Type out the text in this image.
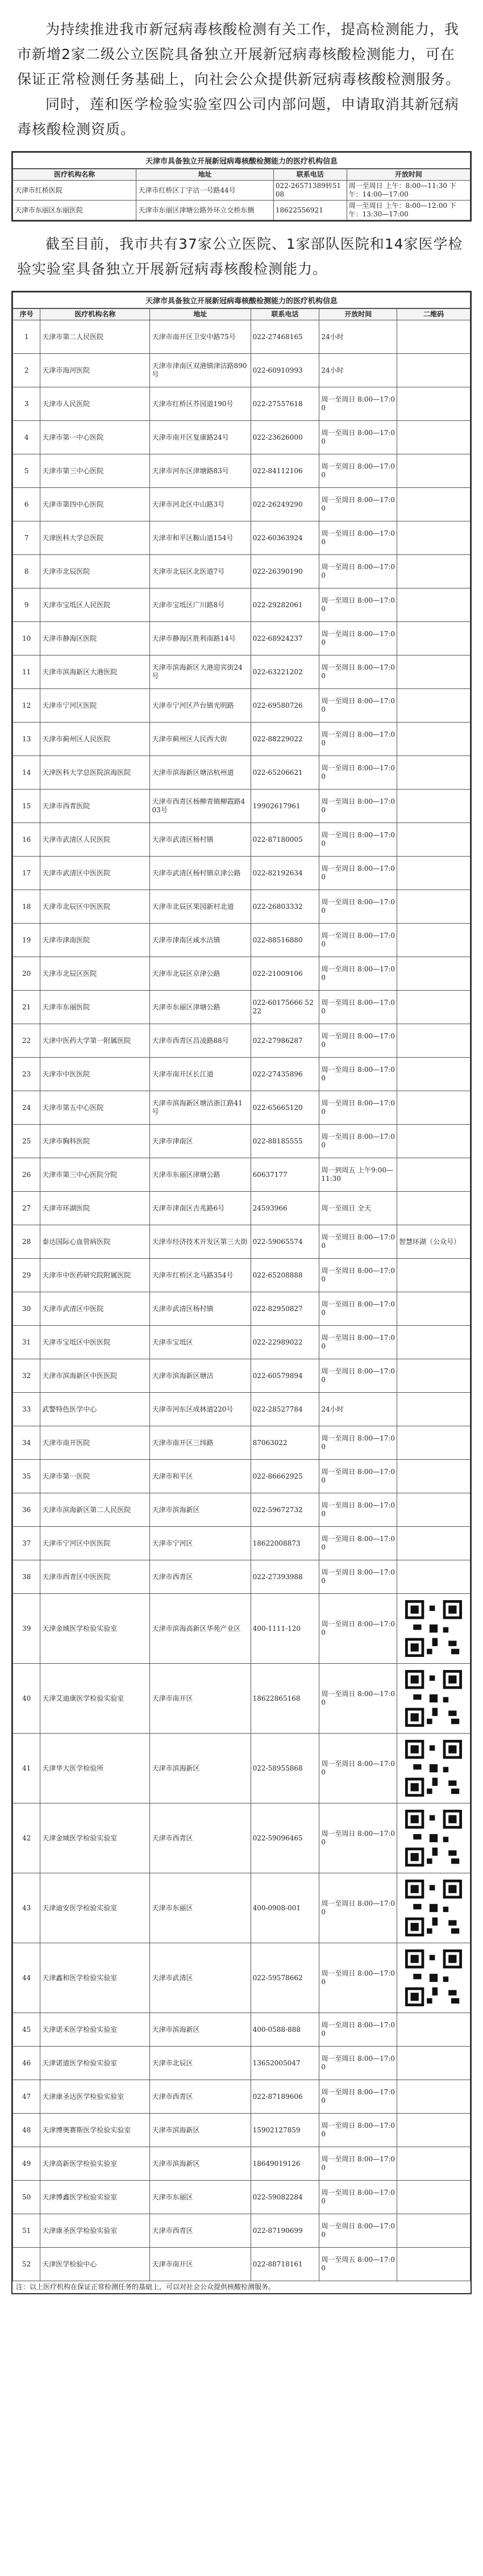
为持续推进我市新冠病毒核酸检测有关工作，提高检测能力，我市新增2家二级公立医院具备独立开展新冠病毒核酸检测能力，可在保证正常检测任务基础上，向社会公众提供新冠病毒核酸检测服务。

同时，莲和医学检验实验室四公司内部问题，申请取消其新冠病毒核酸检测资质。

天津市具备独立开展新冠病毒核酸检测能力的医疗机构信息
医疗机构名称	地址	联系电话	开放时间
天津市红桥医院	天津市红桥区丁字沽一号路44号	022-26571389转5108	周一至周日 上午：8:00—11:30 下午：14:00—17:00
天津市东丽区东丽医院	天津市东丽区津塘公路外环立交桥东侧	18622556921	周一至周日 上午：8:00—12:00 下午：13:30—17:00

截至目前，我市共有37家公立医院、1家部队医院和14家医学检验实验室具备独立开展新冠病毒核酸检测能力。

天津市具备独立开展新冠病毒核酸检测能力的医疗机构信息
序号	医疗机构名称	地址	联系电话	开放时间	二维码
1	天津市第二人民医院	天津市南开区卫安中路75号	022-27468165	24小时	
2	天津市海河医院	天津市津南区双港镇津沽路890号	022-60910993	24小时	
3	天津市人民医院	天津市红桥区芥园道190号	022-27557618	周一至周日 8:00—17:00	
4	天津市第一中心医院	天津市南开区复康路24号	022-23626000	周一至周日 8:00—17:00	
5	天津市第三中心医院	天津市河东区津塘路83号	022-84112106	周一至周日 8:00—17:00	
6	天津市第四中心医院	天津市河北区中山路3号	022-26249290	周一至周日 8:00—17:00	
7	天津医科大学总医院	天津市和平区鞍山道154号	022-60363924	周一至周日 8:00—17:00	
8	天津市北辰医院	天津市北辰区北医道7号	022-26390190	周一至周日 8:00—17:00	
9	天津市宝坻区人民医院	天津市宝坻区广川路8号	022-29282061	周一至周日 8:00—17:00	
10	天津市静海区医院	天津市静海区胜利南路14号	022-68924237	周一至周日 8:00—17:00	
11	天津市滨海新区大港医院	天津市滨海新区大港迎宾街24号	022-63221202	周一至周日 8:00—17:00	
12	天津市宁河区医院	天津市宁河区芦台镇光明路	022-69580726	周一至周日 8:00—17:00	
13	天津市蓟州区人民医院	天津市蓟州区人民西大街	022-88229022	周一至周日 8:00—17:00	
14	天津医科大学总医院滨海医院	天津市滨海新区塘沽杭州道	022-65206621	周一至周日 8:00—17:00	
15	天津市西青医院	天津市西青区杨柳青镇柳霞路403号	19902617961	周一至周日 8:00—17:00	
16	天津市武清区人民医院	天津市武清区杨村镇	022-87180005	周一至周日 8:00—17:00	
17	天津市武清区中医医院	天津市武清区杨村镇京津公路	022-82192634	周一至周日 8:00—17:00	
18	天津市北辰区中医医院	天津市北辰区果园新村北道	022-26803332	周一至周日 8:00—17:00	
19	天津市津南医院	天津市津南区咸水沽镇	022-88516880	周一至周日 8:00—17:00	
20	天津市北辰区医院	天津市北辰区京津公路	022-21009106	周一至周日 8:00—17:00	
21	天津市东丽医院	天津市东丽区津塘公路	022-60175666 5222	周一至周日 8:00—17:00	
22	天津中医药大学第一附属医院	天津市西青区昌凌路88号	022-27986287	周一至周日 8:00—17:00	
23	天津市中医医院	天津市南开区长江道	022-27435896	周一至周日 8:00—17:00	
24	天津市第五中心医院	天津市滨海新区塘沽浙江路41号	022-65665120	周一至周日 8:00—17:00	
25	天津市胸科医院	天津市津南区	022-88185555	周一至周日 8:00—17:00	
26	天津市第三中心医院分院	天津市东丽区津塘公路	60637177	周一到周五 上午9:00—11:30	
27	天津市环湖医院	天津市津南区吉兆路6号	24593966	周一至周日 全天	
28	泰达国际心血管病医院	天津市经济技术开发区第三大街	022-59065574	周一至周日 8:00—17:00	智慧环湖（公众号）
29	天津市中医药研究院附属医院	天津市红桥区北马路354号	022-65208888	周一至周日 8:00—17:00	
30	天津市武清区中医院	天津市武清区杨村镇	022-82950827	周一至周日 8:00—17:00	
31	天津市宝坻区中医医院	天津市宝坻区	022-22989022	周一至周日 8:00—17:00	
32	天津市滨海新区中医医院	天津市滨海新区塘沽	022-60579894	周一至周日 8:00—17:00	
33	武警特色医学中心	天津市河东区成林道220号	022-28527784	24小时	
34	天津市南开医院	天津市南开区三纬路	87063022	周一至周日 8:00—17:00	
35	天津市第一医院	天津市和平区	022-86662925	周一至周日 8:00—17:00	
36	天津市滨海新区第二人民医院	天津市滨海新区	022-59672732	周一至周日 8:00—17:00	
37	天津市宁河区中医医院	天津市宁河区	18622008873	周一至周日 8:00—17:00	
38	天津市西青区中医医院	天津市西青区	022-27393988	周一至周日 8:00—17:00	
39	天津金域医学检验实验室	天津市滨海高新区华苑产业区	400-1111-120	周一至周日 8:00—17:00	

40	天津艾迪康医学检验实验室	天津市南开区	18622865168	周一至周日 8:00—17:00	

41	天津华大医学检验所	天津市滨海新区	022-58955868	周一至周日 8:00—17:00	

42	天津金域医学检验实验室	天津市西青区	022-59096465	周一至周日 8:00—17:00	

43	天津迪安医学检验实验室	天津市东丽区	400-0908-001	周一至周日 8:00—17:00	

44	天津鑫和医学检验实验室	天津市武清区	022-59578662	周一至周日 8:00—17:00	

45	天津诺禾医学检验实验室	天津市滨海新区	400-0588-888	周一至周日 8:00—17:00	
46	天津诺道医学检验实验室	天津市北辰区	13652005047	周一至周日 8:00—17:00	
47	天津康圣达医学检验实验室	天津市西青区	022-87189606	周一至周日 8:00—17:00	
48	天津博奥赛斯医学检验实验室	天津市滨海新区	15902127859	周一至周日 8:00—17:00	
49	天津高新医学检验实验室	天津市滨海新区	18649019126	周一至周日 8:00—17:00	
50	天津博鑫医学检验实验室	天津市东丽区	022-59082284	周一至周日 8:00—17:00	
51	天津康圣医学检验实验室	天津市西青区	022-87190699	周一至周日 8:00—17:00	
52	天津医学检验中心	天津市南开区	022-88718161	周一至周五 8:00—17:00	
注：以上医疗机构在保证正常检测任务的基础上，可以对社会公众提供核酸检测服务。
